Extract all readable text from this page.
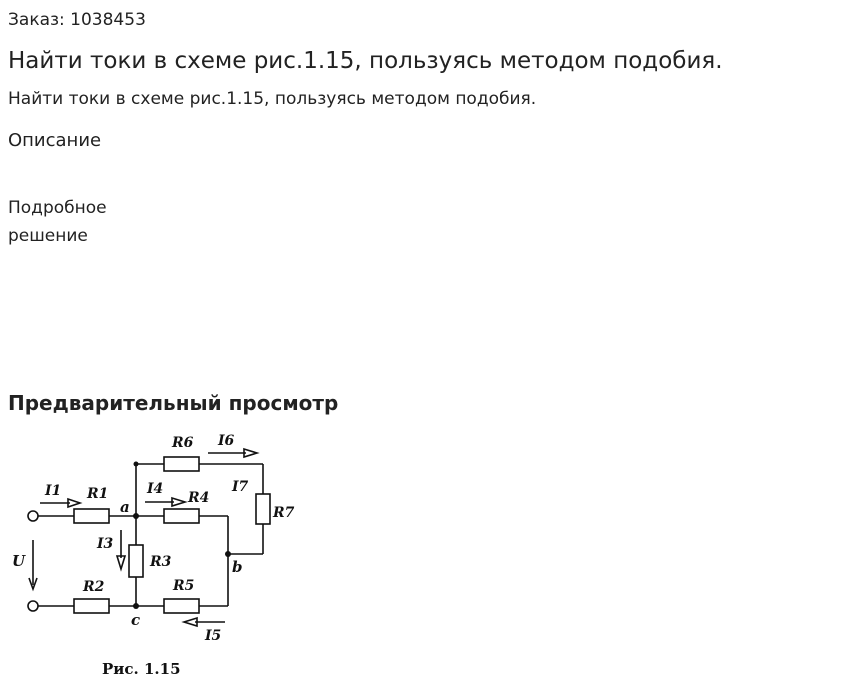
Заказ: 1038453
Найти токи в схеме рис.1.15, пользуясь методом подобия.
Найти токи в схеме рис.1.15, пользуясь методом подобия.
Описание
Подробное решение
Предварительный просмотр
R6 I6
I7
R7
I1 R1
a
I4
R4
I3
R3	b
U
R2	R5
c
I5
Рис. 1.15
